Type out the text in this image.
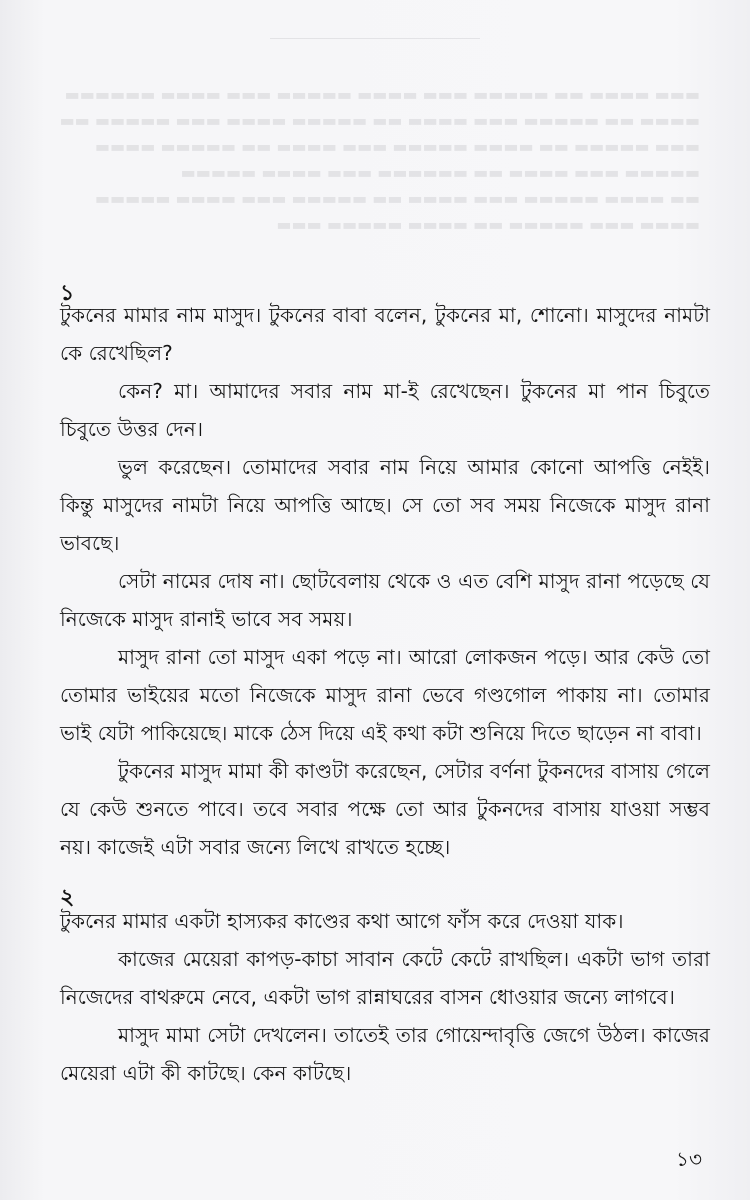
▬▬▬ ▬▬▬▬ ▬▬ ▬▬▬▬▬ ▬▬▬ ▬▬▬▬ ▬▬▬▬▬ ▬▬▬ ▬▬▬▬ ▬▬▬▬▬▬
▬▬▬▬ ▬▬ ▬▬▬▬▬ ▬▬▬ ▬▬▬▬ ▬▬ ▬▬▬▬▬ ▬▬▬▬ ▬▬▬ ▬▬▬▬▬ ▬▬
▬▬▬ ▬▬▬▬▬ ▬▬ ▬▬▬▬ ▬▬▬▬▬ ▬▬▬ ▬▬▬▬ ▬▬ ▬▬▬▬▬ ▬▬▬▬
▬▬▬▬▬ ▬▬▬ ▬▬▬▬ ▬▬ ▬▬▬▬▬▬ ▬▬▬ ▬▬▬▬ ▬▬▬▬▬
▬▬ ▬▬▬▬ ▬▬▬▬▬ ▬▬▬ ▬▬▬▬ ▬▬ ▬▬▬▬▬ ▬▬▬ ▬▬▬▬ ▬▬▬▬▬
▬▬▬▬ ▬▬▬ ▬▬▬▬▬ ▬▬ ▬▬▬▬ ▬▬▬▬▬ ▬▬▬
১

টুকনের মামার নাম মাসুদ। টুকনের বাবা বলেন, টুকনের মা, শোনো। মাসুদের নামটা কে রেখেছিল?

কেন? মা। আমাদের সবার নাম মা-ই রেখেছেন। টুকনের মা পান চিবুতে চিবুতে উত্তর দেন।

ভুল করেছেন। তোমাদের সবার নাম নিয়ে আমার কোনো আপত্তি নেইই। কিন্তু মাসুদের নামটা নিয়ে আপত্তি আছে। সে তো সব সময় নিজেকে মাসুদ রানা ভাবছে।

সেটা নামের দোষ না। ছোটবেলায় থেকে ও এত বেশি মাসুদ রানা পড়েছে যে নিজেকে মাসুদ রানাই ভাবে সব সময়।

মাসুদ রানা তো মাসুদ একা পড়ে না। আরো লোকজন পড়ে। আর কেউ তো তোমার ভাইয়ের মতো নিজেকে মাসুদ রানা ভেবে গণ্ডগোল পাকায় না। তোমার ভাই যেটা পাকিয়েছে। মাকে ঠেস দিয়ে এই কথা কটা শুনিয়ে দিতে ছাড়েন না বাবা।

টুকনের মাসুদ মামা কী কাণ্ডটা করেছেন, সেটার বর্ণনা টুকনদের বাসায় গেলে যে কেউ শুনতে পাবে। তবে সবার পক্ষে তো আর টুকনদের বাসায় যাওয়া সম্ভব নয়। কাজেই এটা সবার জন্যে লিখে রাখতে হচ্ছে।

২

টুকনের মামার একটা হাস্যকর কাণ্ডের কথা আগে ফাঁস করে দেওয়া যাক।

কাজের মেয়েরা কাপড়-কাচা সাবান কেটে কেটে রাখছিল। একটা ভাগ তারা নিজেদের বাথরুমে নেবে, একটা ভাগ রান্নাঘরের বাসন ধোওয়ার জন্যে লাগবে।

মাসুদ মামা সেটা দেখলেন। তাতেই তার গোয়েন্দাবৃত্তি জেগে উঠল। কাজের মেয়েরা এটা কী কাটছে। কেন কাটছে।

১৩
